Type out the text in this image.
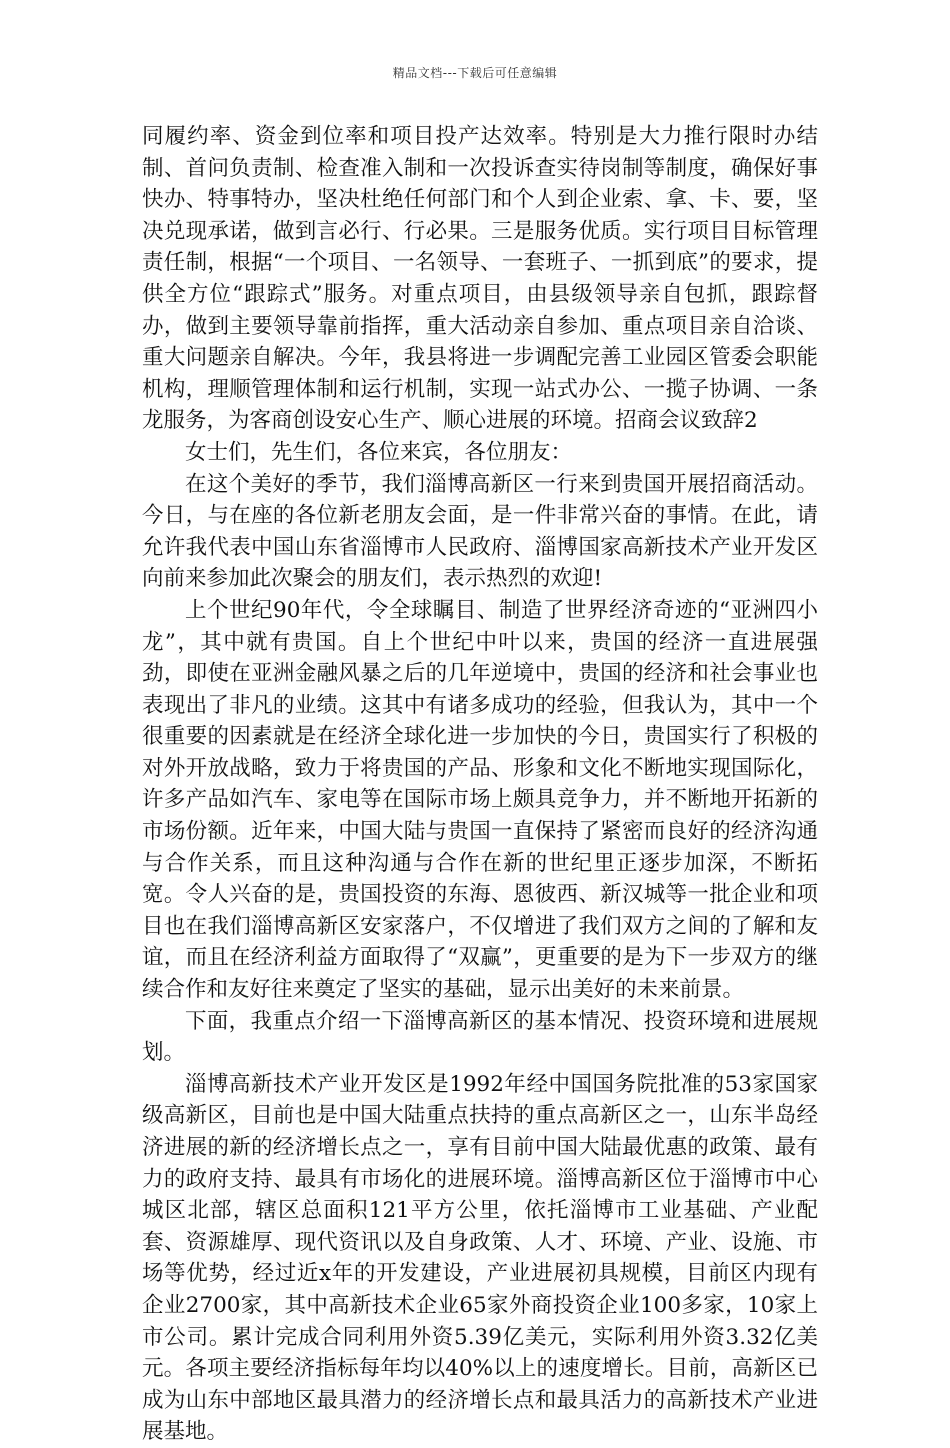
精品文档---下载后可任意编辑

同履约率、资金到位率和项目投产达效率。特别是大力推行限时办结制、首问负责制、检查准入制和一次投诉查实待岗制等制度，确保好事快办、特事特办，坚决杜绝任何部门和个人到企业索、拿、卡、要，坚决兑现承诺，做到言必行、行必果。三是服务优质。实行项目目标管理责任制，根据“一个项目、一名领导、一套班子、一抓到底”的要求，提供全方位“跟踪式”服务。对重点项目，由县级领导亲自包抓，跟踪督办，做到主要领导靠前指挥，重大活动亲自参加、重点项目亲自洽谈、重大问题亲自解决。今年，我县将进一步调配完善工业园区管委会职能机构，理顺管理体制和运行机制，实现一站式办公、一揽子协调、一条龙服务，为客商创设安心生产、顺心进展的环境。招商会议致辞2

女士们，先生们，各位来宾，各位朋友：

在这个美好的季节，我们淄博高新区一行来到贵国开展招商活动。今日，与在座的各位新老朋友会面，是一件非常兴奋的事情。在此，请允许我代表中国山东省淄博市人民政府、淄博国家高新技术产业开发区向前来参加此次聚会的朋友们，表示热烈的欢迎!

上个世纪90年代，令全球瞩目、制造了世界经济奇迹的“亚洲四小龙”，其中就有贵国。自上个世纪中叶以来，贵国的经济一直进展强劲，即使在亚洲金融风暴之后的几年逆境中，贵国的经济和社会事业也表现出了非凡的业绩。这其中有诸多成功的经验，但我认为，其中一个很重要的因素就是在经济全球化进一步加快的今日，贵国实行了积极的对外开放战略，致力于将贵国的产品、形象和文化不断地实现国际化，许多产品如汽车、家电等在国际市场上颇具竞争力，并不断地开拓新的市场份额。近年来，中国大陆与贵国一直保持了紧密而良好的经济沟通与合作关系，而且这种沟通与合作在新的世纪里正逐步加深，不断拓宽。令人兴奋的是，贵国投资的东海、恩彼西、新汉城等一批企业和项目也在我们淄博高新区安家落户，不仅增进了我们双方之间的了解和友谊，而且在经济利益方面取得了“双赢”，更重要的是为下一步双方的继续合作和友好往来奠定了坚实的基础，显示出美好的未来前景。

下面，我重点介绍一下淄博高新区的基本情况、投资环境和进展规划。

淄博高新技术产业开发区是1992年经中国国务院批准的53家国家级高新区，目前也是中国大陆重点扶持的重点高新区之一，山东半岛经济进展的新的经济增长点之一，享有目前中国大陆最优惠的政策、最有力的政府支持、最具有市场化的进展环境。淄博高新区位于淄博市中心城区北部，辖区总面积121平方公里，依托淄博市工业基础、产业配套、资源雄厚、现代资讯以及自身政策、人才、环境、产业、设施、市场等优势，经过近x年的开发建设，产业进展初具规模，目前区内现有企业2700家，其中高新技术企业65家外商投资企业100多家，10家上市公司。累计完成合同利用外资5.39亿美元，实际利用外资3.32亿美元。各项主要经济指标每年均以40%以上的速度增长。目前，高新区已成为山东中部地区最具潜力的经济增长点和最具活力的高新技术产业进展基地。
